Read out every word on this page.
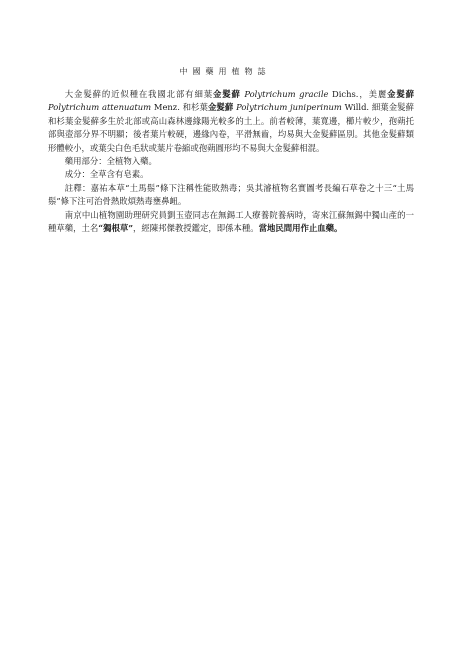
中國藥用植物誌

大金髮蘚的近似種在我國北部有細葉金髮蘚 Polytrichum gracile Dichs.，美麗金髮蘚 Polytrichum attenuatum Menz. 和杉葉金髮蘚 Polytrichum juniperinum Willd. 細葉金髮蘚和杉葉金髮蘚多生於北部或高山森林邊緣陽光較多的土上。前者較薄，葉寬邊，櫛片較少，孢蒴托部與壺部分界不明顯；後者葉片較硬，邊緣內卷，平滑無齒，均易與大金髮蘚區別。其他金髮蘚類形體較小，或葉尖白色毛狀或葉片卷縮或孢蒴圓形均不易與大金髮蘚相混。

藥用部分：全植物入藥。

成分：全草含有皂素。

註釋：嘉祐本草“土馬鬃”條下注稱性能敗熱毒；吳其濬植物名實圖考長編石草卷之十三“土馬鬃”條下注可治骨熱敗煩熱毒壅鼻衄。

南京中山植物園助理研究員劉玉壺同志在無錫工人療養院養病時，寄來江蘇無錫中獨山產的一種草藥，土名“獨根草”，經陳邦傑教授鑑定，即係本種。當地民間用作止血藥。
